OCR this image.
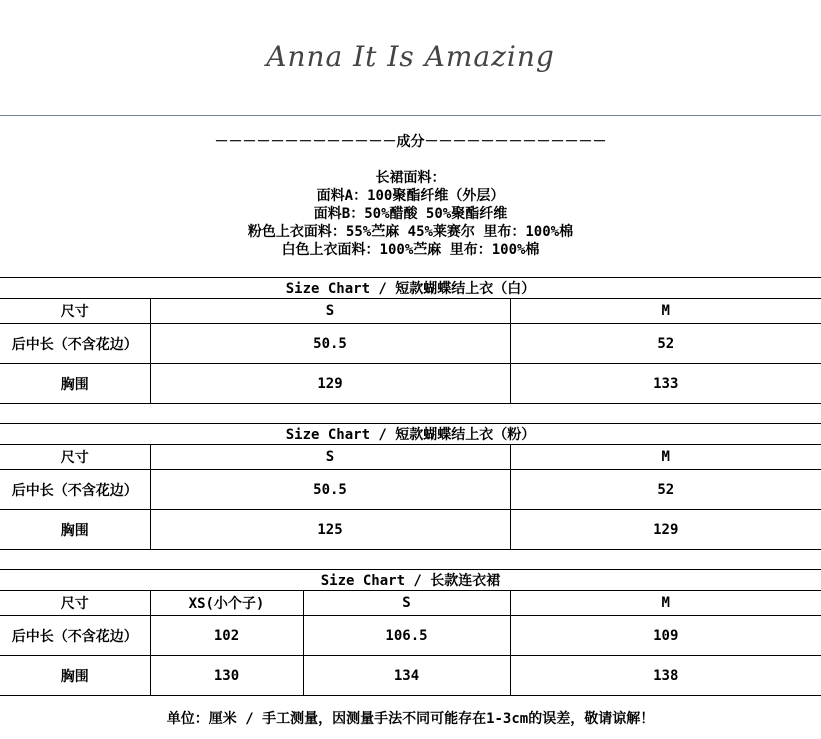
Anna It Is Amazing
－－－－－－－－－－－－－成分－－－－－－－－－－－－－
长裙面料：
面料A：100聚酯纤维（外层）
面料B：50%醋酸 50%聚酯纤维
粉色上衣面料：55%苎麻 45%莱赛尔 里布：100%棉
白色上衣面料：100%苎麻 里布：100%棉
Size Chart / 短款蝴蝶结上衣（白）		
尺寸	S	M
后中长（不含花边）	50.5	52
胸围	129	133
Size Chart / 短款蝴蝶结上衣（粉）		
尺寸	S	M
后中长（不含花边）	50.5	52
胸围	125	129
Size Chart / 长款连衣裙			
尺寸	XS(小个子)	S	M
后中长（不含花边）	102	106.5	109
胸围	130	134	138
单位：厘米 / 手工测量，因测量手法不同可能存在1-3cm的误差，敬请谅解！
